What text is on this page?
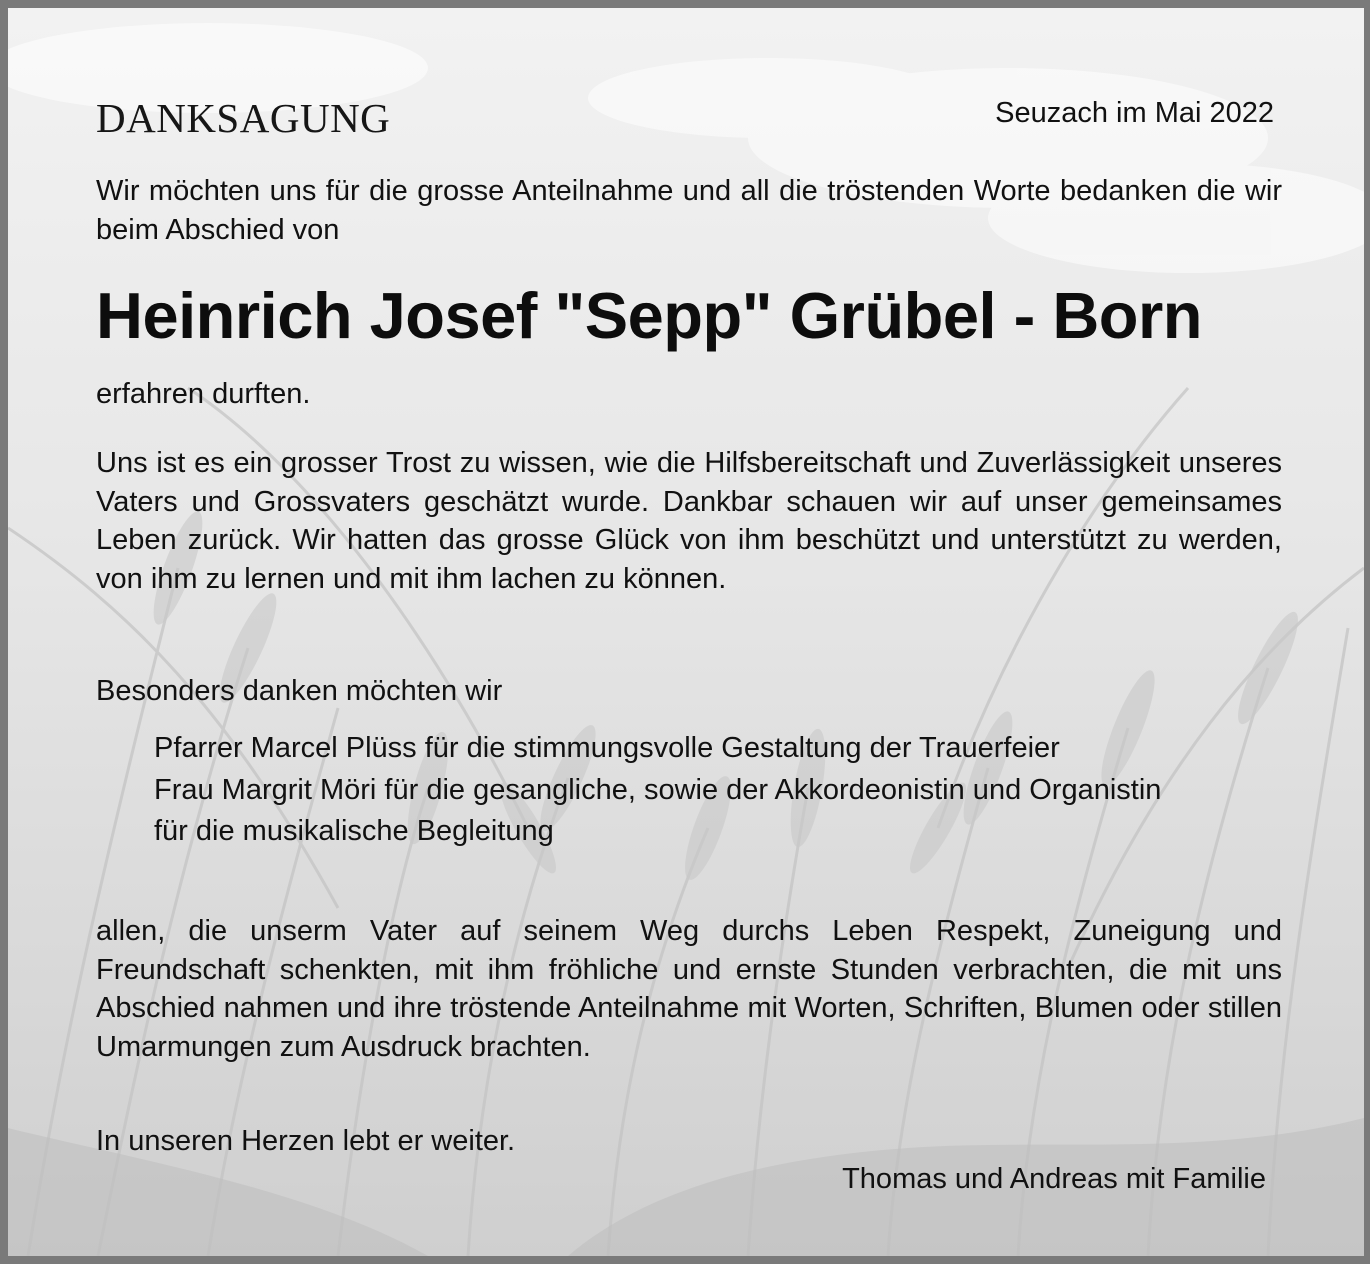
DANKSAGUNG	Seuzach im Mai 2022

Wir möchten uns für die grosse Anteilnahme und all die tröstenden Worte bedanken die wir beim Abschied von

Heinrich Josef "Sepp" Grübel - Born

erfahren durften.

Uns ist es ein grosser Trost zu wissen, wie die Hilfsbereitschaft und Zuverlässigkeit unseres Vaters und Grossvaters geschätzt wurde. Dankbar schauen wir auf unser gemeinsames Leben zurück. Wir hatten das grosse Glück von ihm beschützt und unterstützt zu werden, von ihm zu lernen und mit ihm lachen zu können.

Besonders danken möchten wir

Pfarrer Marcel Plüss für die stimmungsvolle Gestaltung der Trauerfeier
Frau Margrit Möri für die gesangliche, sowie der Akkordeonistin und Organistin
für die musikalische Begleitung

allen, die unserm Vater auf seinem Weg durchs Leben Respekt, Zuneigung und Freundschaft schenkten, mit ihm fröhliche und ernste Stunden verbrachten, die mit uns Abschied nahmen und ihre tröstende Anteilnahme mit Worten, Schriften, Blumen oder stillen Umarmungen zum Ausdruck brachten.

In unseren Herzen lebt er weiter.

Thomas und Andreas mit Familie
